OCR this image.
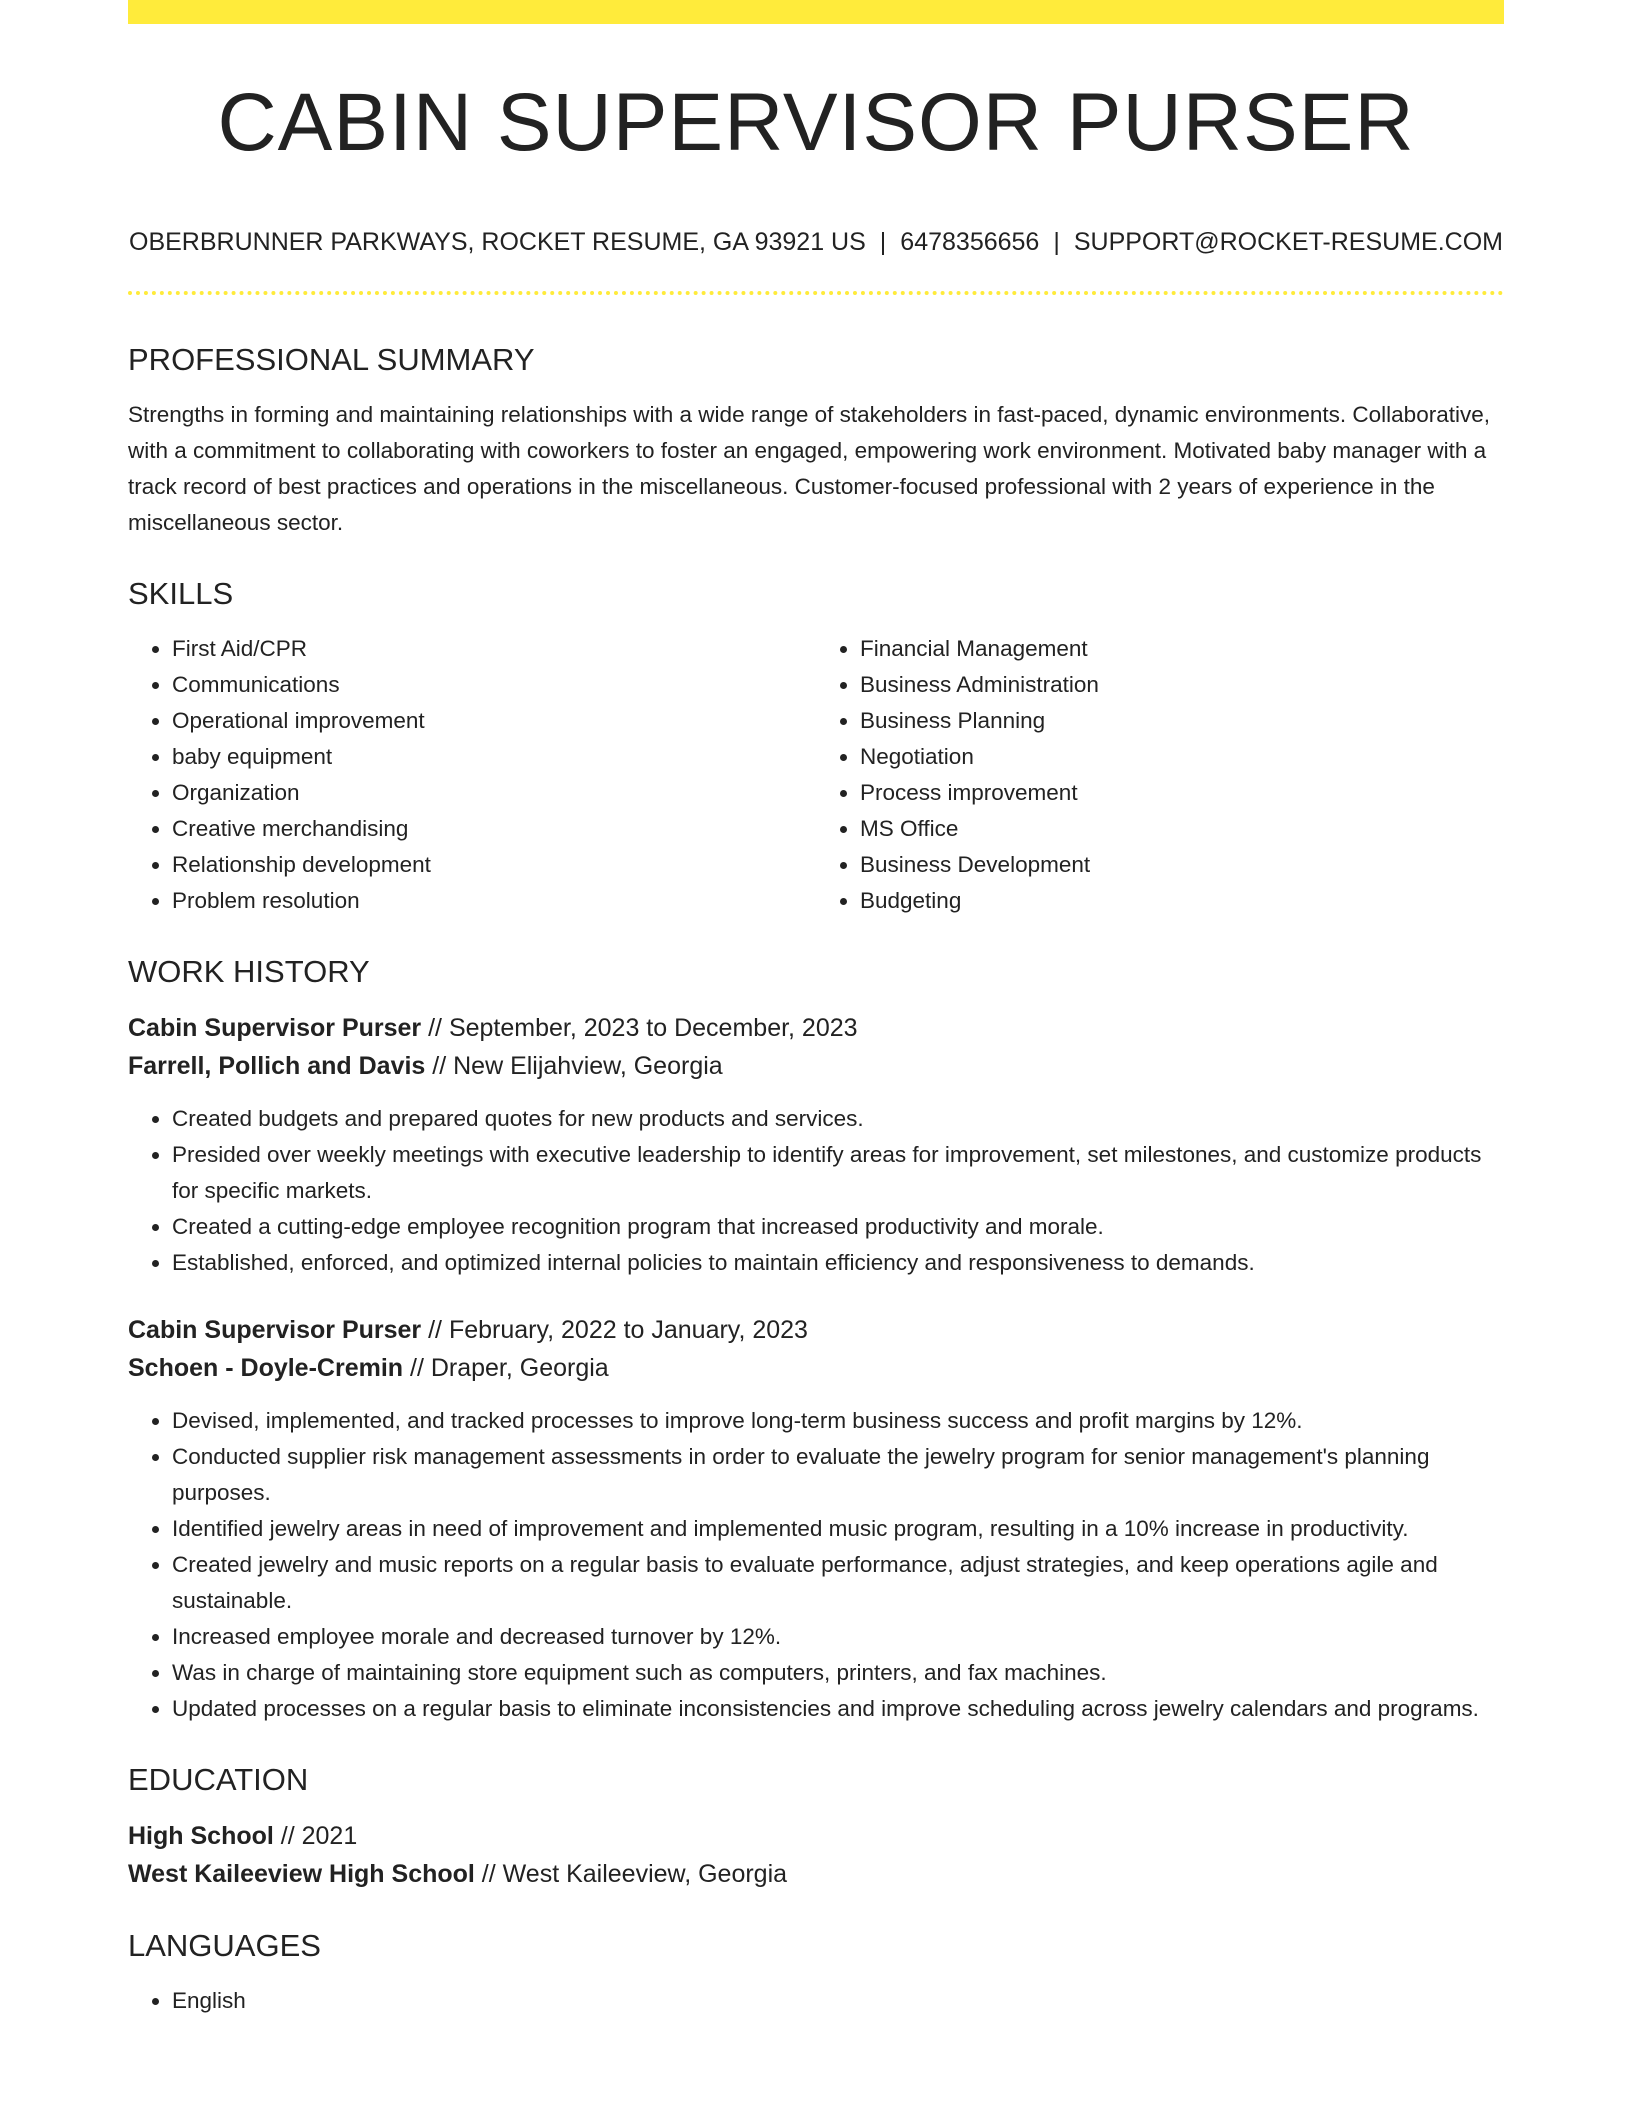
CABIN SUPERVISOR PURSER
OBERBRUNNER PARKWAYS, ROCKET RESUME, GA 93921 US | 6478356656 | SUPPORT@ROCKET-RESUME.COM
PROFESSIONAL SUMMARY

Strengths in forming and maintaining relationships with a wide range of stakeholders in fast-paced, dynamic environments. Collaborative, with a commitment to collaborating with coworkers to foster an engaged, empowering work environment. Motivated baby manager with a track record of best practices and operations in the miscellaneous. Customer-focused professional with 2 years of experience in the miscellaneous sector.

SKILLS
• First Aid/CPR
• Communications
• Operational improvement
• baby equipment
• Organization
• Creative merchandising
• Relationship development
• Problem resolution
• Financial Management
• Business Administration
• Business Planning
• Negotiation
• Process improvement
• MS Office
• Business Development
• Budgeting
WORK HISTORY
Cabin Supervisor Purser // September, 2023 to December, 2023
Farrell, Pollich and Davis // New Elijahview, Georgia
• Created budgets and prepared quotes for new products and services.
• Presided over weekly meetings with executive leadership to identify areas for improvement, set milestones, and customize products for specific markets.
• Created a cutting-edge employee recognition program that increased productivity and morale.
• Established, enforced, and optimized internal policies to maintain efficiency and responsiveness to demands.
Cabin Supervisor Purser // February, 2022 to January, 2023
Schoen - Doyle-Cremin // Draper, Georgia
• Devised, implemented, and tracked processes to improve long-term business success and profit margins by 12%.
• Conducted supplier risk management assessments in order to evaluate the jewelry program for senior management's planning purposes.
• Identified jewelry areas in need of improvement and implemented music program, resulting in a 10% increase in productivity.
• Created jewelry and music reports on a regular basis to evaluate performance, adjust strategies, and keep operations agile and sustainable.
• Increased employee morale and decreased turnover by 12%.
• Was in charge of maintaining store equipment such as computers, printers, and fax machines.
• Updated processes on a regular basis to eliminate inconsistencies and improve scheduling across jewelry calendars and programs.
EDUCATION
High School // 2021
West Kaileeview High School // West Kaileeview, Georgia
LANGUAGES
• English
